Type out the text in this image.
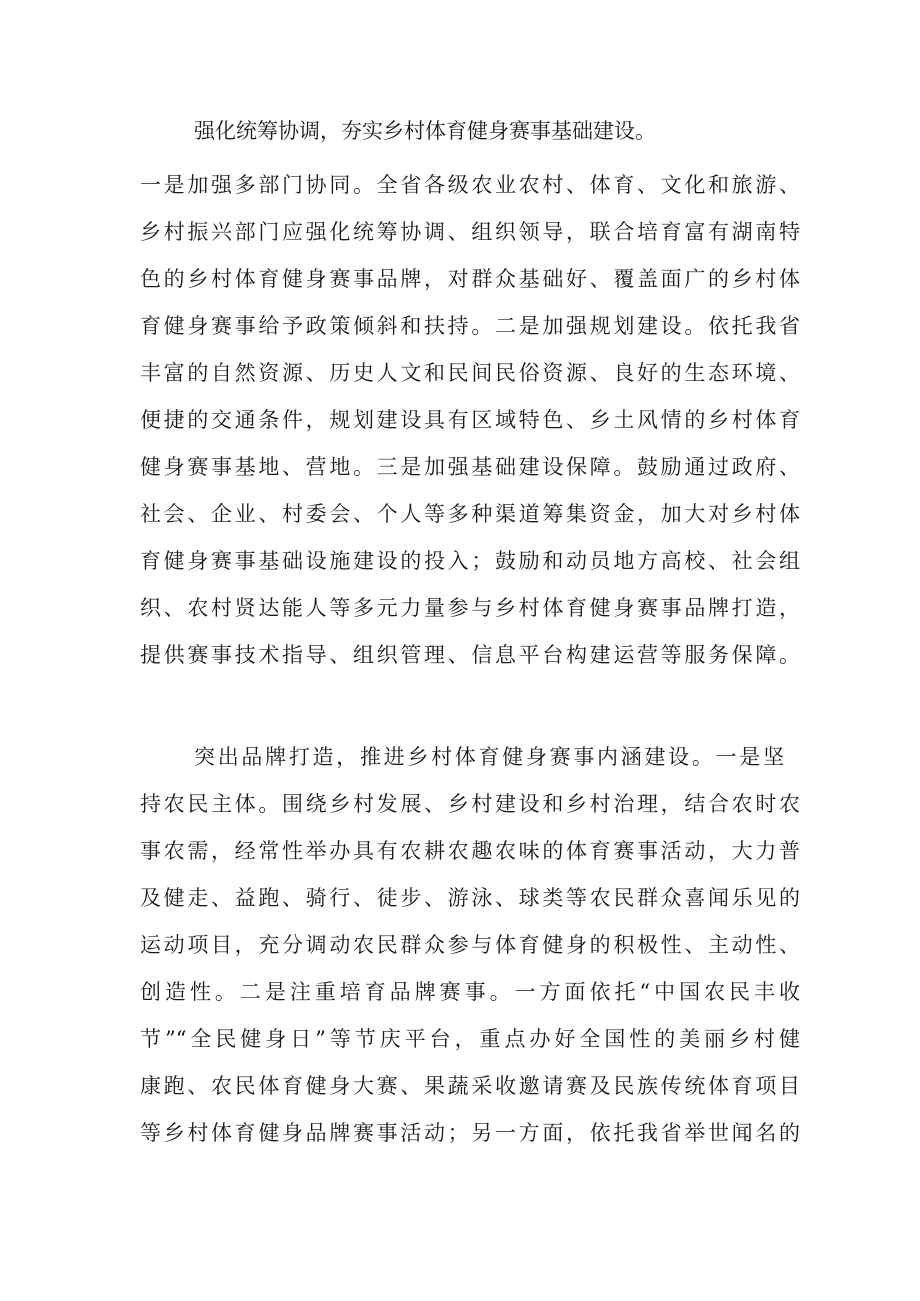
强化统筹协调，夯实乡村体育健身赛事基础建设。
一是加强多部门协同。全省各级农业农村、体育、文化和旅游、
乡村振兴部门应强化统筹协调、组织领导，联合培育富有湖南特
色的乡村体育健身赛事品牌，对群众基础好、覆盖面广的乡村体
育健身赛事给予政策倾斜和扶持。二是加强规划建设。依托我省
丰富的自然资源、历史人文和民间民俗资源、良好的生态环境、
便捷的交通条件，规划建设具有区域特色、乡土风情的乡村体育
健身赛事基地、营地。三是加强基础建设保障。鼓励通过政府、
社会、企业、村委会、个人等多种渠道筹集资金，加大对乡村体
育健身赛事基础设施建设的投入；鼓励和动员地方高校、社会组
织、农村贤达能人等多元力量参与乡村体育健身赛事品牌打造，
提供赛事技术指导、组织管理、信息平台构建运营等服务保障。
突出品牌打造，推进乡村体育健身赛事内涵建设。一是坚
持农民主体。围绕乡村发展、乡村建设和乡村治理，结合农时农
事农需，经常性举办具有农耕农趣农味的体育赛事活动，大力普
及健走、益跑、骑行、徒步、游泳、球类等农民群众喜闻乐见的
运动项目，充分调动农民群众参与体育健身的积极性、主动性、
创造性。二是注重培育品牌赛事。一方面依托“中国农民丰收
节”“全民健身日”等节庆平台，重点办好全国性的美丽乡村健
康跑、农民体育健身大赛、果蔬采收邀请赛及民族传统体育项目
等乡村体育健身品牌赛事活动；另一方面，依托我省举世闻名的
